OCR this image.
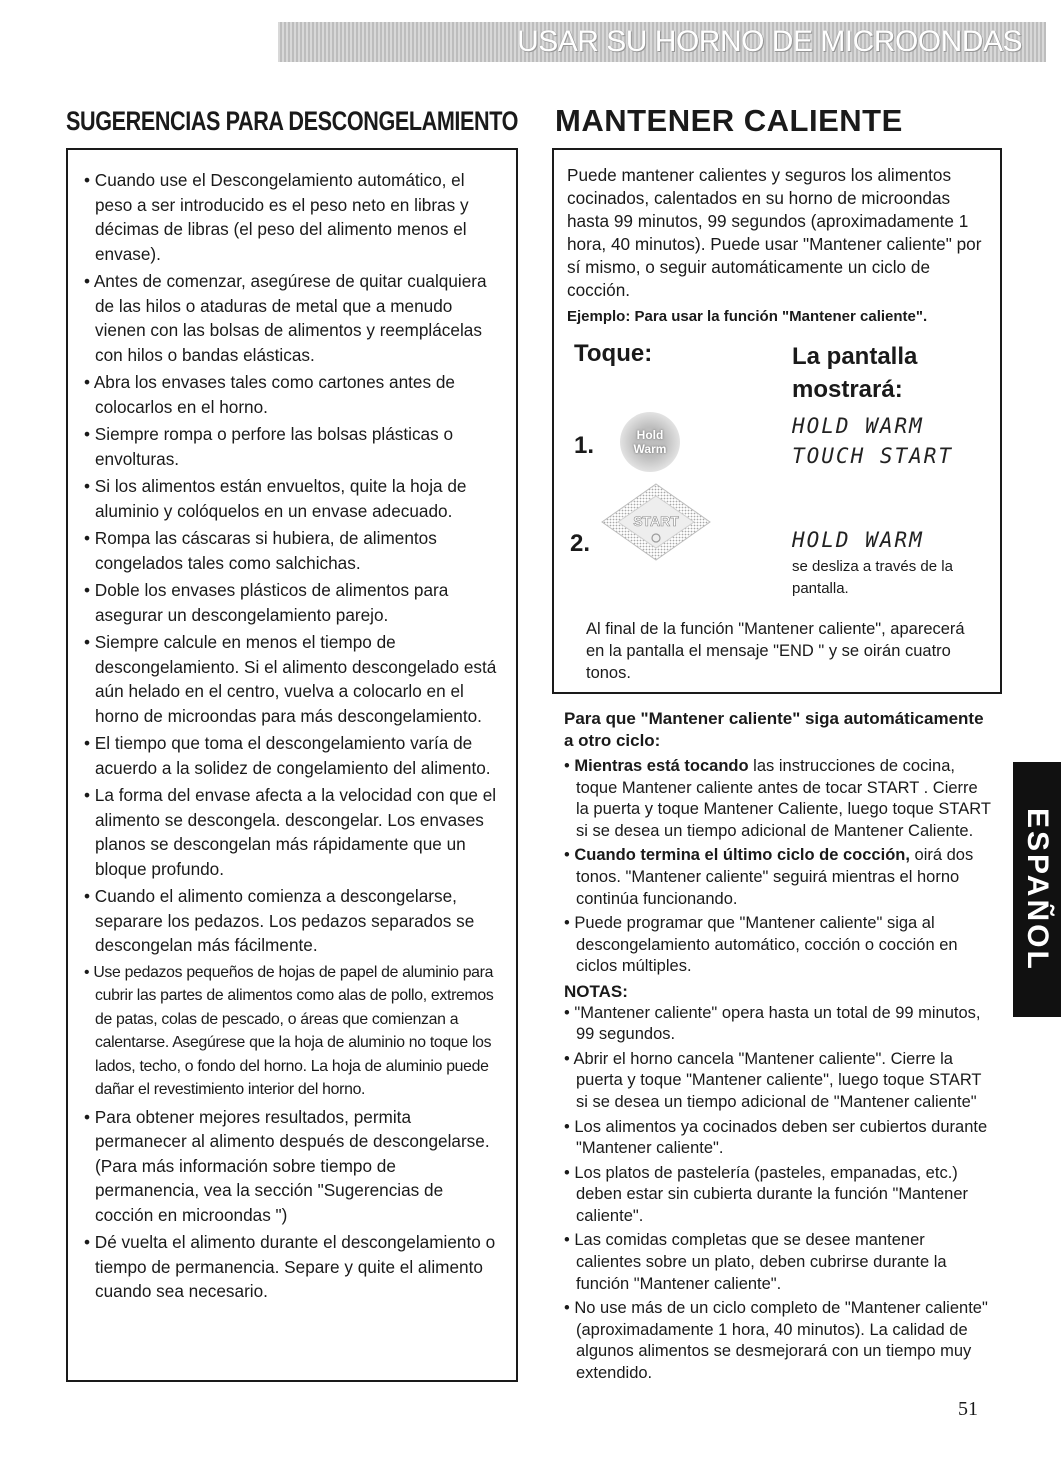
USAR SU HORNO DE MICROONDAS
SUGERENCIAS PARA DESCONGELAMIENTO MANTENER CALIENTE
• Cuando use el Descongelamiento automático, el peso a ser introducido es el peso neto en libras y décimas de libras (el peso del alimento menos el envase).
• Antes de comenzar, asegúrese de quitar cualquiera de las hilos o ataduras de metal que a menudo vienen con las bolsas de alimentos y reemplácelas con hilos o bandas elásticas.
• Abra los envases tales como cartones antes de colocarlos en el horno.
• Siempre rompa o perfore las bolsas plásticas o envolturas.
• Si los alimentos están envueltos, quite la hoja de aluminio y colóquelos en un envase adecuado.
• Rompa las cáscaras si hubiera, de alimentos congelados tales como salchichas.
• Doble los envases plásticos de alimentos para asegurar un descongelamiento parejo.
• Siempre calcule en menos el tiempo de descongelamiento. Si el alimento descongelado está aún helado en el centro, vuelva a colocarlo en el horno de microondas para más descongelamiento.
• El tiempo que toma el descongelamiento varía de acuerdo a la solidez de congelamiento del alimento.
• La forma del envase afecta a la velocidad con que el alimento se descongela. descongelar. Los envases planos se descongelan más rápidamente que un bloque profundo.
• Cuando el alimento comienza a descongelarse, separare los pedazos. Los pedazos separados se descongelan más fácilmente.
• Use pedazos pequeños de hojas de papel de aluminio para cubrir las partes de alimentos como alas de pollo, extremos de patas, colas de pescado, o áreas que comienzan a calentarse. Asegúrese que la hoja de aluminio no toque los lados, techo, o fondo del horno. La hoja de aluminio puede dañar el revestimiento interior del horno.
• Para obtener mejores resultados, permita permanecer al alimento después de descongelarse. (Para más información sobre tiempo de permanencia, vea la sección "Sugerencias de cocción en microondas ")
• Dé vuelta el alimento durante el descongelamiento o tiempo de permanencia. Separe y quite el alimento cuando sea necesario.

Puede mantener calientes y seguros los alimentos cocinados, calentados en su horno de microondas hasta 99 minutos, 99 segundos (aproximadamente 1 hora, 40 minutos). Puede usar "Mantener caliente" por sí mismo, o seguir automáticamente un ciclo de cocción.

Ejemplo: Para usar la función "Mantener caliente".

Toque:	La pantalla mostrará:
1.	Hold
Warm
HOLD WARM
TOUCH START
2.
START
HOLD WARM
se desliza a través de la pantalla.
Al final de la función "Mantener caliente", aparecerá en la pantalla el mensaje "END " y se oirán cuatro tonos.
Para que "Mantener caliente" siga automáticamente a otro ciclo:
• Mientras está tocando las instrucciones de cocina, toque Mantener caliente antes de tocar START . Cierre la puerta y toque Mantener Caliente, luego toque START si se desea un tiempo adicional de Mantener Caliente.
• Cuando termina el último ciclo de cocción, oirá dos tonos. "Mantener caliente" seguirá mientras el horno continúa funcionando.
• Puede programar que "Mantener caliente" siga al descongelamiento automático, cocción o cocción en ciclos múltiples.
NOTAS:
• "Mantener caliente" opera hasta un total de 99 minutos, 99 segundos.
• Abrir el horno cancela "Mantener caliente". Cierre la puerta y toque "Mantener caliente", luego toque START si se desea un tiempo adicional de "Mantener caliente"
• Los alimentos ya cocinados deben ser cubiertos durante "Mantener caliente".
• Los platos de pastelería (pasteles, empanadas, etc.) deben estar sin cubierta durante la función "Mantener caliente".
• Las comidas completas que se desee mantener calientes sobre un plato, deben cubrirse durante la función "Mantener caliente".
• No use más de un ciclo completo de "Mantener caliente" (aproximadamente 1 hora, 40 minutos). La calidad de algunos alimentos se desmejorará con un tiempo muy extendido.
ESPAÑOL
51
